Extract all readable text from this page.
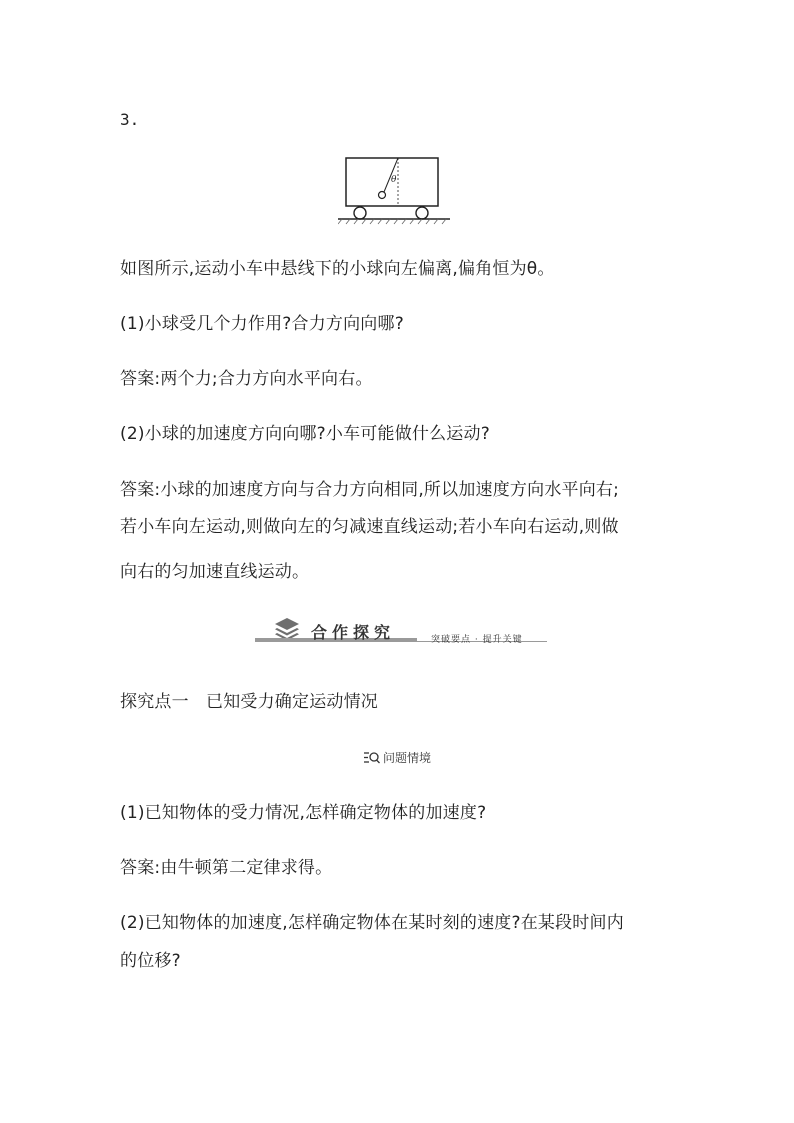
3.
θ
如图所示,运动小车中悬线下的小球向左偏离,偏角恒为θ。
(1)小球受几个力作用?合力方向向哪?
答案:两个力;合力方向水平向右。
(2)小球的加速度方向向哪?小车可能做什么运动?
答案:小球的加速度方向与合力方向相同,所以加速度方向水平向右;
若小车向左运动,则做向左的匀减速直线运动;若小车向右运动,则做
向右的匀加速直线运动。
合作探究	突破要点 · 提升关键
探究点一　已知受力确定运动情况
问题情境
(1)已知物体的受力情况,怎样确定物体的加速度?
答案:由牛顿第二定律求得。
(2)已知物体的加速度,怎样确定物体在某时刻的速度?在某段时间内
的位移?
